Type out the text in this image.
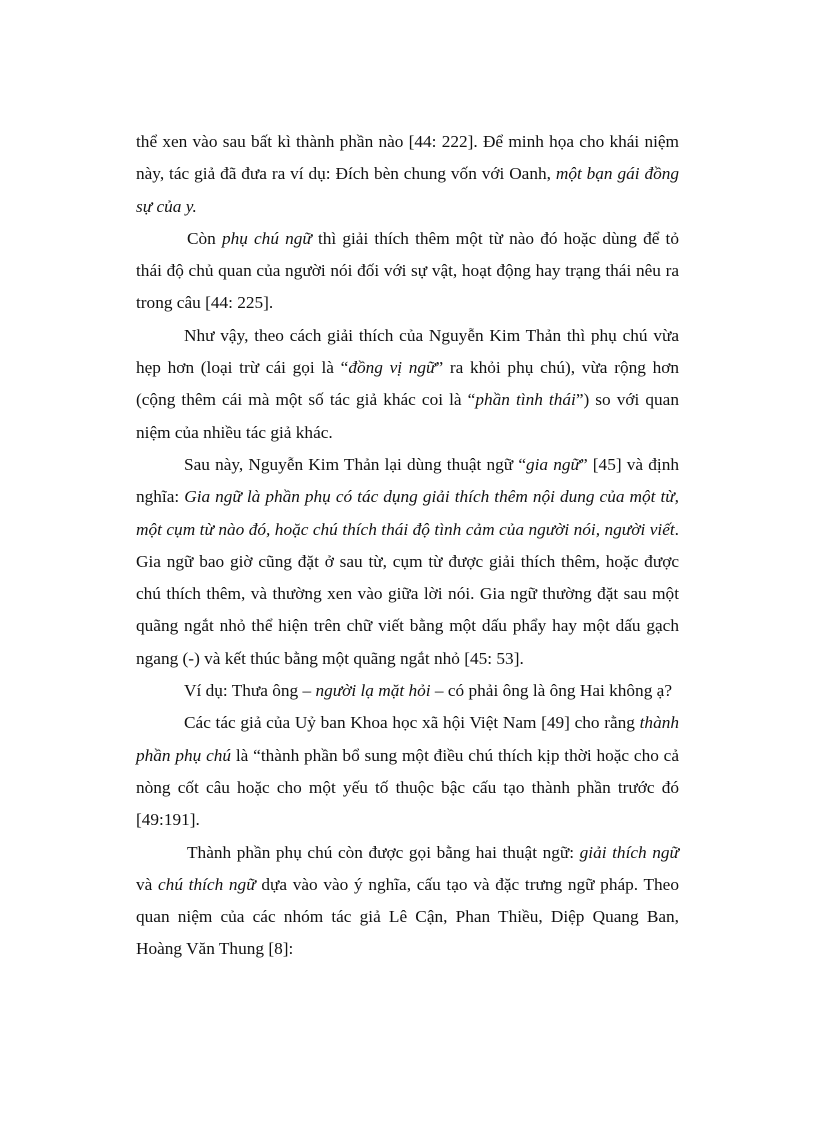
thể xen vào sau bất kì thành phần nào [44: 222]. Để minh họa cho khái niệm này, tác giả đã đưa ra ví dụ: Đích bèn chung vốn với Oanh, một bạn gái đồng sự của y.

Còn phụ chú ngữ thì giải thích thêm một từ nào đó hoặc dùng để tỏ thái độ chủ quan của người nói đối với sự vật, hoạt động hay trạng thái nêu ra trong câu [44: 225].

Như vậy, theo cách giải thích của Nguyễn Kim Thản thì phụ chú vừa hẹp hơn (loại trừ cái gọi là “đồng vị ngữ” ra khỏi phụ chú), vừa rộng hơn (cộng thêm cái mà một số tác giả khác coi là “phần tình thái”) so với quan niệm của nhiều tác giả khác.

Sau này, Nguyễn Kim Thản lại dùng thuật ngữ “gia ngữ” [45] và định nghĩa: Gia ngữ là phần phụ có tác dụng giải thích thêm nội dung của một từ, một cụm từ nào đó, hoặc chú thích thái độ tình cảm của người nói, người viết. Gia ngữ bao giờ cũng đặt ở sau từ, cụm từ được giải thích thêm, hoặc được chú thích thêm, và thường xen vào giữa lời nói. Gia ngữ thường đặt sau một quãng ngắt nhỏ thể hiện trên chữ viết bằng một dấu phẩy hay một dấu gạch ngang (-) và kết thúc bằng một quãng ngắt nhỏ [45: 53].

Ví dụ: Thưa ông – người lạ mặt hỏi – có phải ông là ông Hai không ạ?

Các tác giả của Uỷ ban Khoa học xã hội Việt Nam [49] cho rằng thành phần phụ chú là “thành phần bổ sung một điều chú thích kịp thời hoặc cho cả nòng cốt câu hoặc cho một yếu tố thuộc bậc cấu tạo thành phần trước đó [49:191].

Thành phần phụ chú còn được gọi bằng hai thuật ngữ: giải thích ngữ và chú thích ngữ dựa vào vào ý nghĩa, cấu tạo và đặc trưng ngữ pháp. Theo quan niệm của các nhóm tác giả Lê Cận, Phan Thiều, Diệp Quang Ban, Hoàng Văn Thung [8]:
